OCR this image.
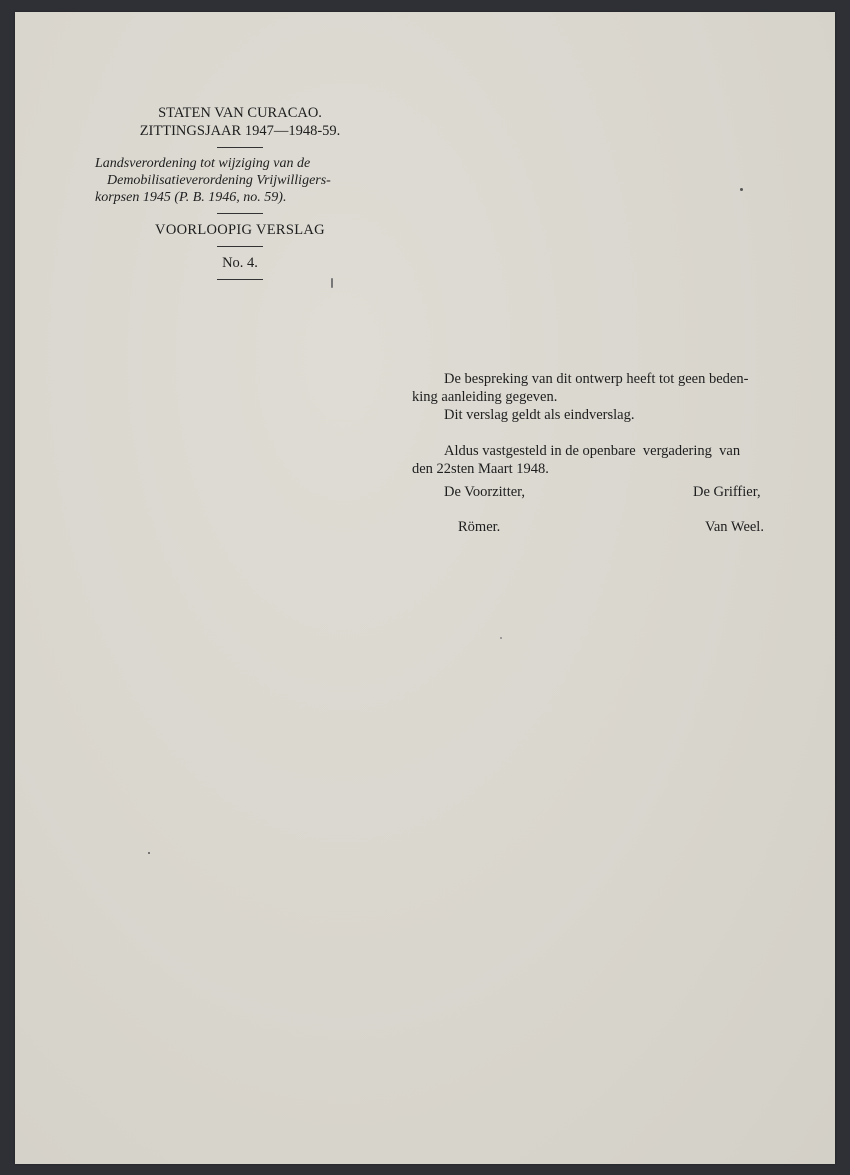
STATEN VAN CURACAO.
ZITTINGSJAAR 1947—1948-59.
Landsverordening tot wijziging van de
Demobilisatieverordening Vrijwilligers-
korpsen 1945 (P. B. 1946, no. 59).
VOORLOOPIG VERSLAG
No. 4.
De bespreking van dit ontwerp heeft tot geen beden-
king aanleiding gegeven.
Dit verslag geldt als eindverslag.
Aldus vastgesteld in de openbare  vergadering  van
den 22sten Maart 1948.
De Voorzitter,	De Griffier,
Römer.	Van Weel.
